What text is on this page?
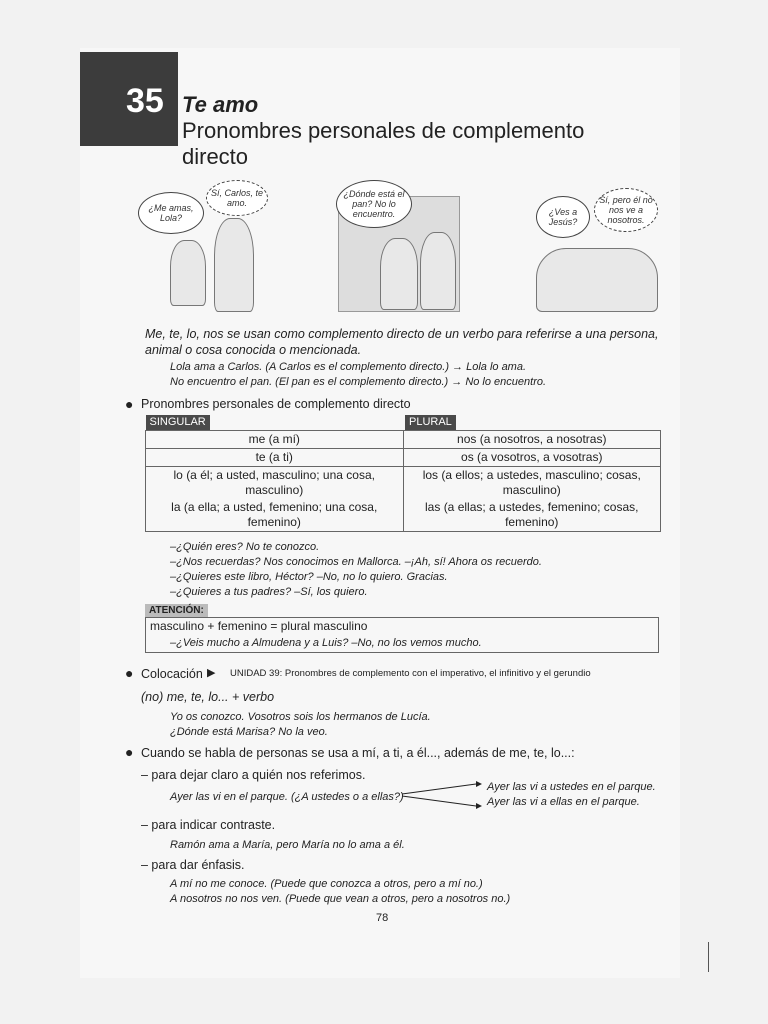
35 Te amo
Pronombres personales de complemento directo
¿Me amas, Lola?
Sí, Carlos, te amo.
¿Dónde está el pan? No lo encuentro.	¿Ves a Jesús?
Sí, pero él no nos ve a nosotros.
Me, te, lo, nos se usan como complemento directo de un verbo para referirse a una persona, animal o cosa conocida o mencionada.
Lola ama a Carlos. (A Carlos es el complemento directo.) → Lola lo ama.
No encuentro el pan. (El pan es el complemento directo.) → No lo encuentro.
● Pronombres personales de complemento directo
SINGULAR	PLURAL
me (a mí)	nos (a nosotros, a nosotras)
te (a ti)	os (a vosotros, a vosotras)
lo (a él; a usted, masculino; una cosa, masculino)	los (a ellos; a ustedes, masculino; cosas, masculino)
la (a ella; a usted, femenino; una cosa, femenino)	las (a ellas; a ustedes, femenino; cosas, femenino)
–¿Quién eres? No te conozco.
–¿Nos recuerdas? Nos conocimos en Mallorca. –¡Ah, sí! Ahora os recuerdo.
–¿Quieres este libro, Héctor? –No, no lo quiero. Gracias.
–¿Quieres a tus padres? –Sí, los quiero.
ATENCIÓN:
masculino + femenino = plural masculino
–¿Veis mucho a Almudena y a Luis? –No, no los vemos mucho.
● Colocación ▶ UNIDAD 39: Pronombres de complemento con el imperativo, el infinitivo y el gerundio
(no) me, te, lo... + verbo
Yo os conozco. Vosotros sois los hermanos de Lucía.
¿Dónde está Marisa? No la veo.
● Cuando se habla de personas se usa a mí, a ti, a él..., además de me, te, lo...:
– para dejar claro a quién nos referimos.
Ayer las vi en el parque. (¿A ustedes o a ellas?)
Ayer las vi a ustedes en el parque.
Ayer las vi a ellas en el parque.
– para indicar contraste.
Ramón ama a María, pero María no lo ama a él.
– para dar énfasis.
A mí no me conoce. (Puede que conozca a otros, pero a mí no.)
A nosotros no nos ven. (Puede que vean a otros, pero a nosotros no.)
78
